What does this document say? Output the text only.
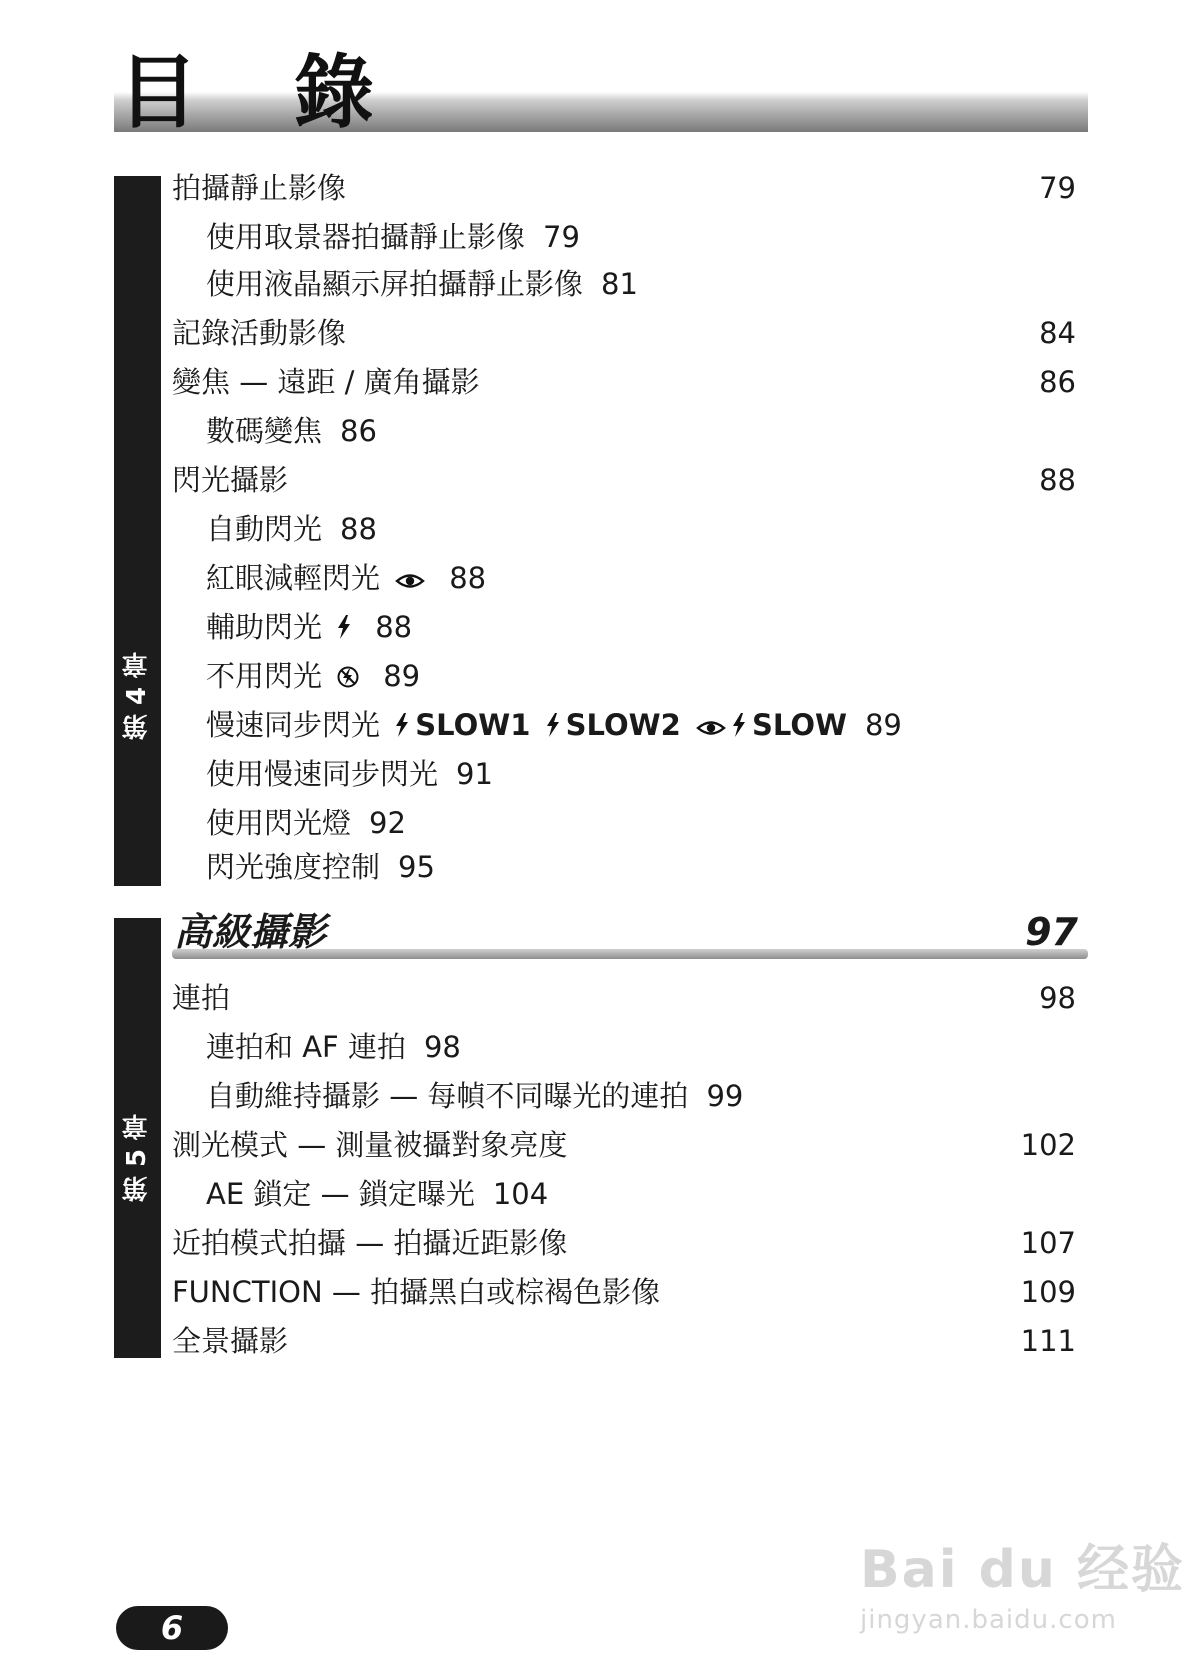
目 錄
第 4 章
拍攝靜止影像	79
使用取景器拍攝靜止影像 79
使用液晶顯示屏拍攝靜止影像 81
記錄活動影像	84
變焦 — 遠距 / 廣角攝影	86
數碼變焦 86
閃光攝影	88
自動閃光 88
紅眼減輕閃光 88
輔助閃光 88
不用閃光 89
慢速同步閃光 SLOW1 SLOW2 SLOW 89
使用慢速同步閃光 91
使用閃光燈 92
閃光強度控制 95
第 5 章
高級攝影	97
連拍	98
連拍和 AF 連拍 98
自動維持攝影 — 每幀不同曝光的連拍 99
測光模式 — 測量被攝對象亮度	102
AE 鎖定 — 鎖定曝光 104
近拍模式拍攝 — 拍攝近距影像	107
FUNCTION — 拍攝黑白或棕褐色影像	109
全景攝影	111
6
Bai du 经验
jingyan.baidu.com
